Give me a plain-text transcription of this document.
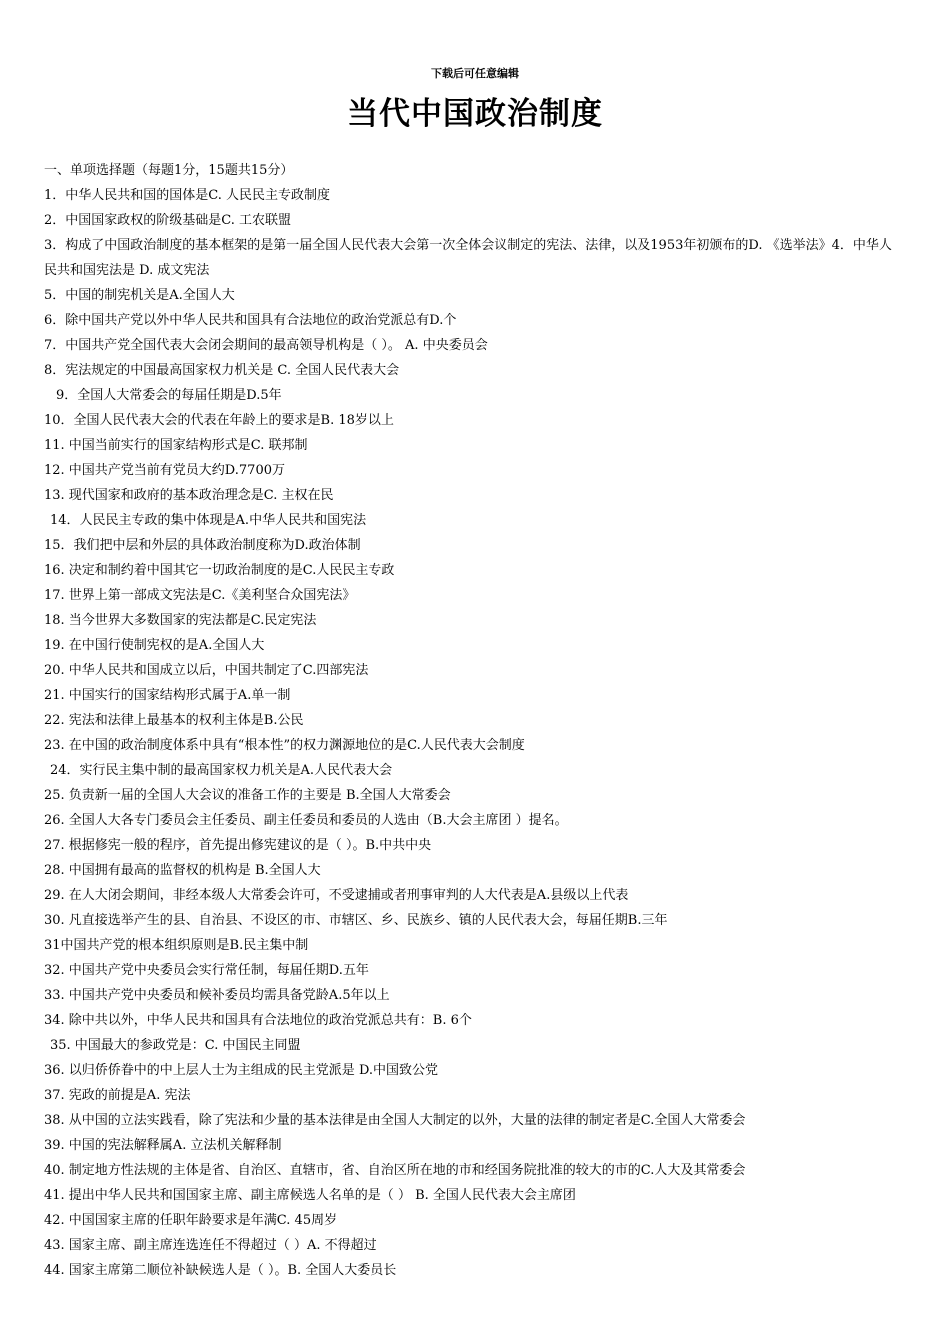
下载后可任意编辑
当代中国政治制度
一、单项选择题（每题1分，15题共15分）
1．中华人民共和国的国体是C. 人民民主专政制度
2．中国国家政权的阶级基础是C. 工农联盟
3．构成了中国政治制度的基本框架的是第一届全国人民代表大会第一次全体会议制定的宪法、法律，以及1953年初颁布的D. 《选举法》4．中华人民共和国宪法是 D. 成文宪法
5．中国的制宪机关是A.全国人大
6．除中国共产党以外中华人民共和国具有合法地位的政治党派总有D.个
7．中国共产党全国代表大会闭会期间的最高领导机构是（ ）。 A. 中央委员会
8．宪法规定的中国最高国家权力机关是 C. 全国人民代表大会
9．全国人大常委会的每届任期是D.5年
10．全国人民代表大会的代表在年龄上的要求是B. 18岁以上
11. 中国当前实行的国家结构形式是C. 联邦制
12. 中国共产党当前有党员大约D.7700万
13. 现代国家和政府的基本政治理念是C. 主权在民
14．人民民主专政的集中体现是A.中华人民共和国宪法
15．我们把中层和外层的具体政治制度称为D.政治体制
16. 决定和制约着中国其它一切政治制度的是C.人民民主专政
17. 世界上第一部成文宪法是C.《美利坚合众国宪法》
18. 当今世界大多数国家的宪法都是C.民定宪法
19. 在中国行使制宪权的是A.全国人大
20. 中华人民共和国成立以后，中国共制定了C.四部宪法
21. 中国实行的国家结构形式属于A.单一制
22. 宪法和法律上最基本的权利主体是B.公民
23. 在中国的政治制度体系中具有“根本性”的权力渊源地位的是C.人民代表大会制度
24．实行民主集中制的最高国家权力机关是A.人民代表大会
25. 负责新一届的全国人大会议的准备工作的主要是 B.全国人大常委会
26. 全国人大各专门委员会主任委员、副主任委员和委员的人选由（B.大会主席团 ）提名。
27. 根据修宪一般的程序，首先提出修宪建议的是（ ）。B.中共中央
28. 中国拥有最高的监督权的机构是 B.全国人大
29. 在人大闭会期间，非经本级人大常委会许可，不受逮捕或者刑事审判的人大代表是A.县级以上代表
30. 凡直接选举产生的县、自治县、不设区的市、市辖区、乡、民族乡、镇的人民代表大会，每届任期B.三年
31中国共产党的根本组织原则是B.民主集中制
32. 中国共产党中央委员会实行常任制，每届任期D.五年
33. 中国共产党中央委员和候补委员均需具备党龄A.5年以上
34. 除中共以外，中华人民共和国具有合法地位的政治党派总共有：B. 6个
35. 中国最大的参政党是：C. 中国民主同盟
36. 以归侨侨眷中的中上层人士为主组成的民主党派是 D.中国致公党
37. 宪政的前提是A. 宪法
38. 从中国的立法实践看，除了宪法和少量的基本法律是由全国人大制定的以外，大量的法律的制定者是C.全国人大常委会
39. 中国的宪法解释属A. 立法机关解释制
40. 制定地方性法规的主体是省、自治区、直辖市，省、自治区所在地的市和经国务院批准的较大的市的C.人大及其常委会
41. 提出中华人民共和国国家主席、副主席候选人名单的是（ ） B. 全国人民代表大会主席团
42. 中国国家主席的任职年龄要求是年满C. 45周岁
43. 国家主席、副主席连选连任不得超过（ ）A. 不得超过
44. 国家主席第二顺位补缺候选人是（ ）。B. 全国人大委员长
